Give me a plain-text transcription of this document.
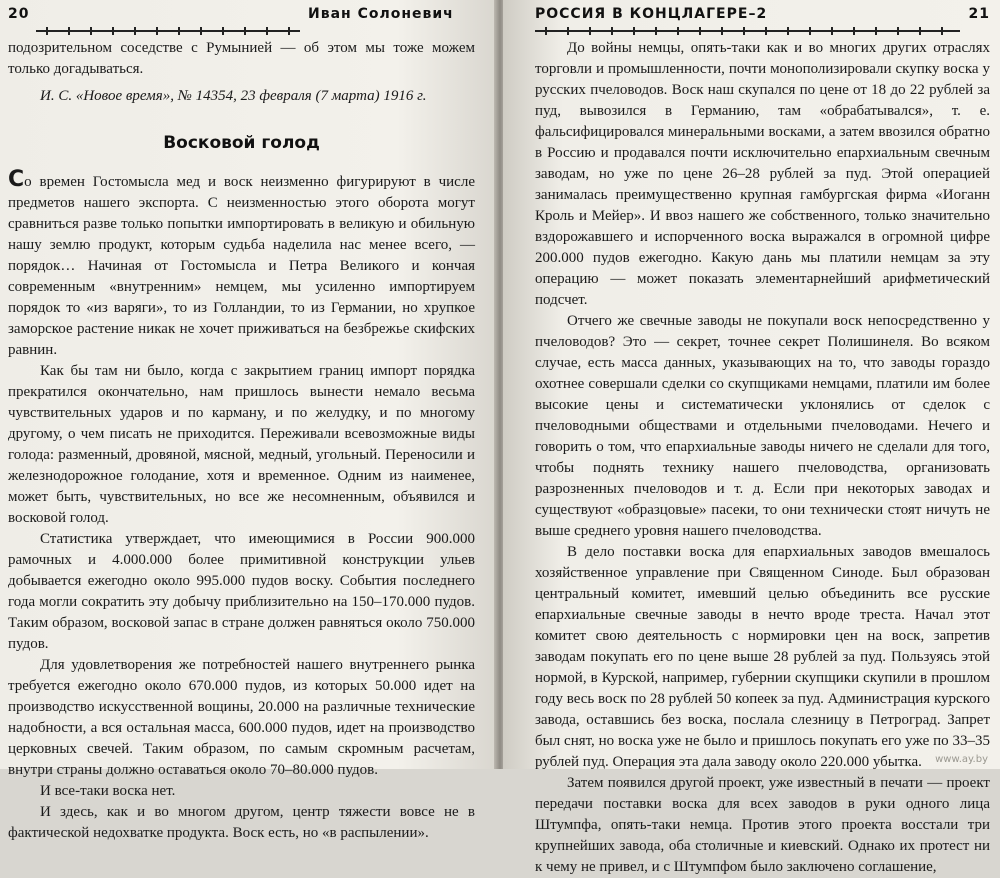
20	Иван Солоневич

подозрительном соседстве с Румынией — об этом мы тоже можем только догадываться.

И. С. «Новое время», № 14354, 23 февраля (7 марта) 1916 г.

Восковой голод

Со времен Гостомысла мед и воск неизменно фигурируют в числе предметов нашего экспорта. С неизменностью этого оборота могут сравниться разве только попытки импортировать в великую и обильную нашу землю продукт, которым судьба наделила нас менее всего, — порядок… Начиная от Гостомысла и Петра Великого и кончая современным «внутренним» немцем, мы усиленно импортируем порядок то «из варяги», то из Голландии, то из Германии, но хрупкое заморское растение никак не хочет приживаться на безбрежье скифских равнин.

Как бы там ни было, когда с закрытием границ импорт порядка прекратился окончательно, нам пришлось вынести немало весьма чувствительных ударов и по карману, и по желудку, и по многому другому, о чем писать не приходится. Переживали всевозможные виды голода: разменный, дровяной, мясной, медный, угольный. Переносили и железнодорожное голодание, хотя и временное. Одним из наименее, может быть, чувствительных, но все же несомненным, объявился и восковой голод.

Статистика утверждает, что имеющимися в России 900.000 рамочных и 4.000.000 более примитивной конструкции ульев добывается ежегодно около 995.000 пудов воску. События последнего года могли сократить эту добычу приблизительно на 150–170.000 пудов. Таким образом, восковой запас в стране должен равняться около 750.000 пудов.

Для удовлетворения же потребностей нашего внутреннего рынка требуется ежегодно около 670.000 пудов, из которых 50.000 идет на производство искусственной вощины, 20.000 на различные технические надобности, а вся остальная масса, 600.000 пудов, идет на производство церковных свечей. Таким образом, по самым скромным расчетам, внутри страны должно оставаться около 70–80.000 пудов.

И все-таки воска нет.

И здесь, как и во многом другом, центр тяжести вовсе не в фактической недохватке продукта. Воск есть, но «в распылении».

РОССИЯ В КОНЦЛАГЕРЕ–2	21

До войны немцы, опять-таки как и во многих других отраслях торговли и промышленности, почти монополизировали скупку воска у русских пчеловодов. Воск наш скупался по цене от 18 до 22 рублей за пуд, вывозился в Германию, там «обрабатывался», т. е. фальсифицировался минеральными восками, а затем ввозился обратно в Россию и продавался почти исключительно епархиальным свечным заводам, но уже по цене 26–28 рублей за пуд. Этой операцией занималась преимущественно крупная гамбургская фирма «Иоганн Кроль и Мейер». И ввоз нашего же собственного, только значительно вздорожавшего и испорченного воска выражался в огромной цифре 200.000 пудов ежегодно. Какую дань мы платили немцам за эту операцию — может показать элементарнейший арифметический подсчет.

Отчего же свечные заводы не покупали воск непосредственно у пчеловодов? Это — секрет, точнее секрет Полишинеля. Во всяком случае, есть масса данных, указывающих на то, что заводы гораздо охотнее совершали сделки со скупщиками немцами, платили им более высокие цены и систематически уклонялись от сделок с пчеловодными обществами и отдельными пчеловодами. Нечего и говорить о том, что епархиальные заводы ничего не сделали для того, чтобы поднять технику нашего пчеловодства, организовать разрозненных пчеловодов и т. д. Если при некоторых заводах и существуют «образцовые» пасеки, то они технически стоят ничуть не выше среднего уровня нашего пчеловодства.

В дело поставки воска для епархиальных заводов вмешалось хозяйственное управление при Священном Синоде. Был образован центральный комитет, имевший целью объединить все русские епархиальные свечные заводы в нечто вроде треста. Начал этот комитет свою деятельность с нормировки цен на воск, запретив заводам покупать его по цене выше 28 рублей за пуд. Пользуясь этой нормой, в Курской, например, губернии скупщики скупили в прошлом году весь воск по 28 рублей 50 копеек за пуд. Администрация курского завода, оставшись без воска, послала слезницу в Петроград. Запрет был снят, но воска уже не было и пришлось покупать его уже по 33–35 рублей пуд. Операция эта дала заводу около 220.000 убытка.

Затем появился другой проект, уже известный в печати — проект передачи поставки воска для всех заводов в руки одного лица Штумпфа, опять-таки немца. Против этого проекта восстали три крупнейших завода, оба столичные и киевский. Однако их протест ни к чему не привел, и с Штумпфом было заключено соглашение,

www.ay.by
